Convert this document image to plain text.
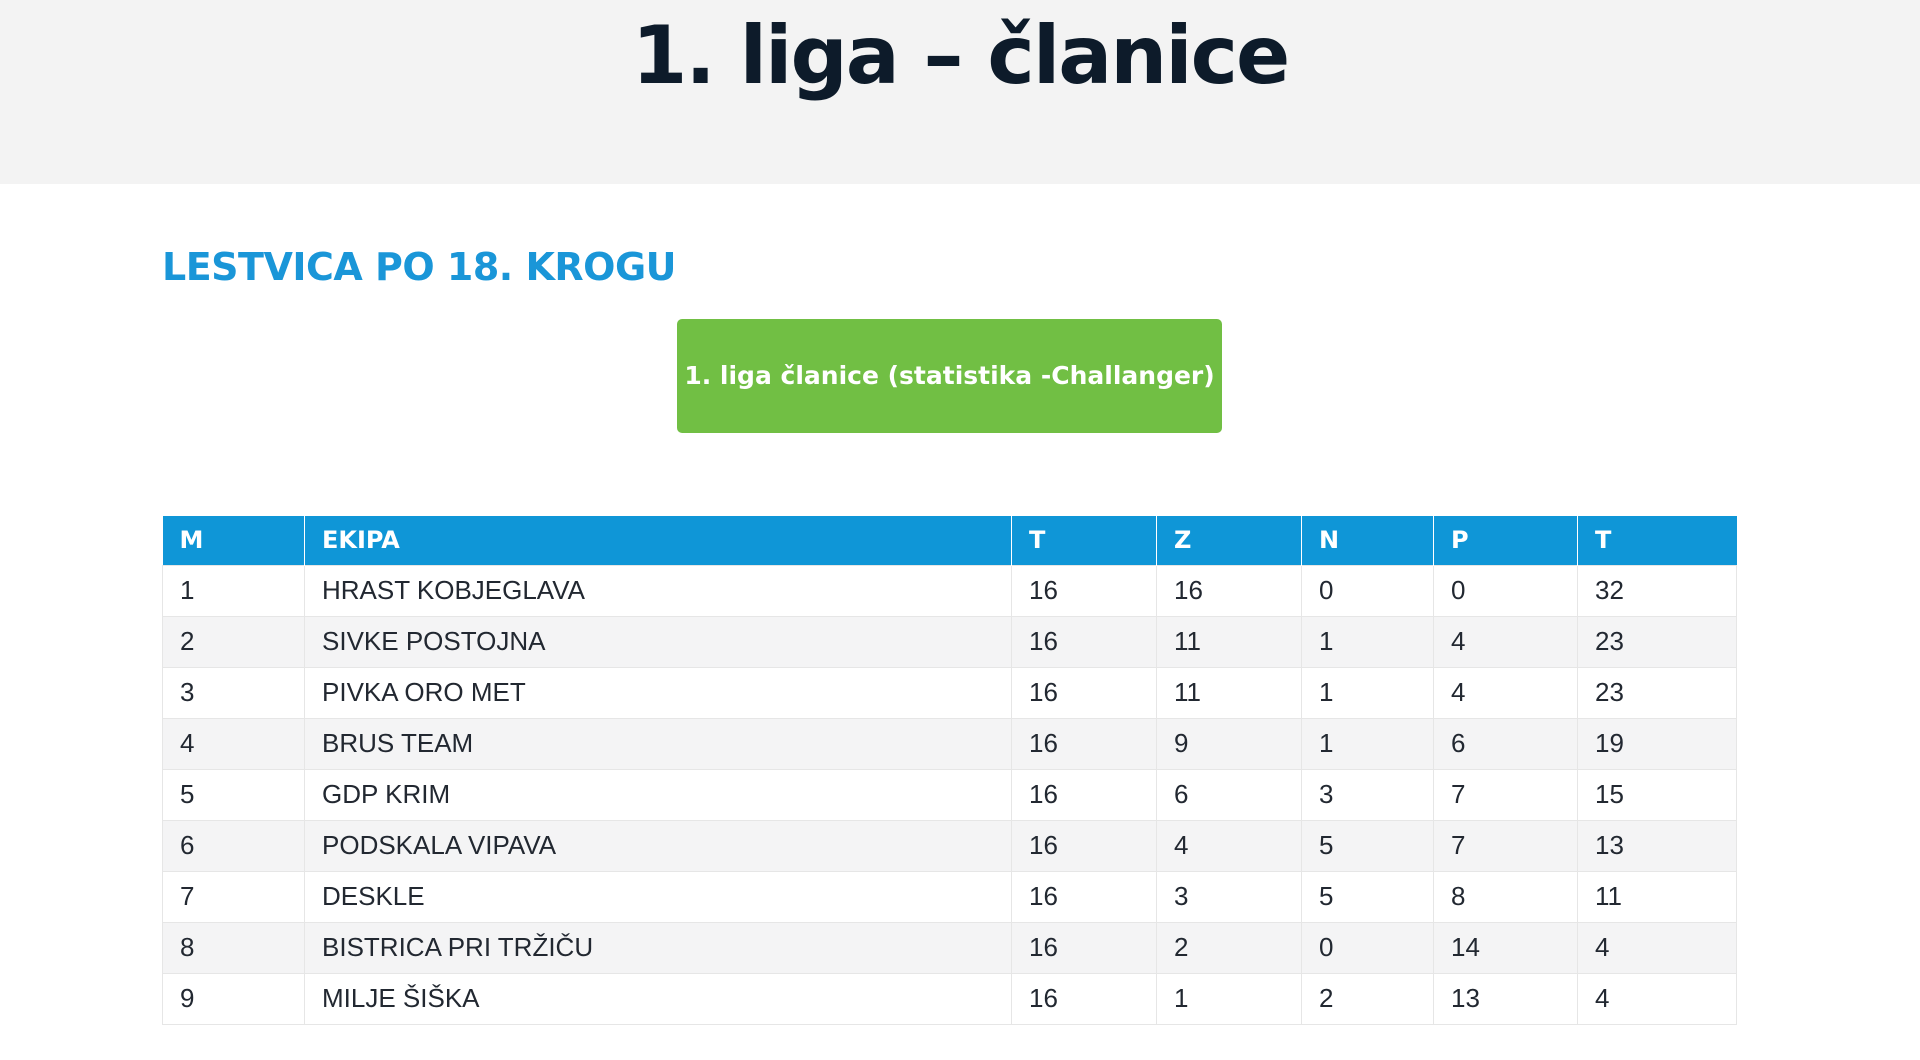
1. liga – članice
LESTVICA PO 18. KROGU
1. liga članice (statistika -Challanger)
M	EKIPA	T	Z	N	P	T
1	HRAST KOBJEGLAVA	16	16	0	0	32
2	SIVKE POSTOJNA	16	11	1	4	23
3	PIVKA ORO MET	16	11	1	4	23
4	BRUS TEAM	16	9	1	6	19
5	GDP KRIM	16	6	3	7	15
6	PODSKALA VIPAVA	16	4	5	7	13
7	DESKLE	16	3	5	8	11
8	BISTRICA PRI TRŽIČU	16	2	0	14	4
9	MILJE ŠIŠKA	16	1	2	13	4
